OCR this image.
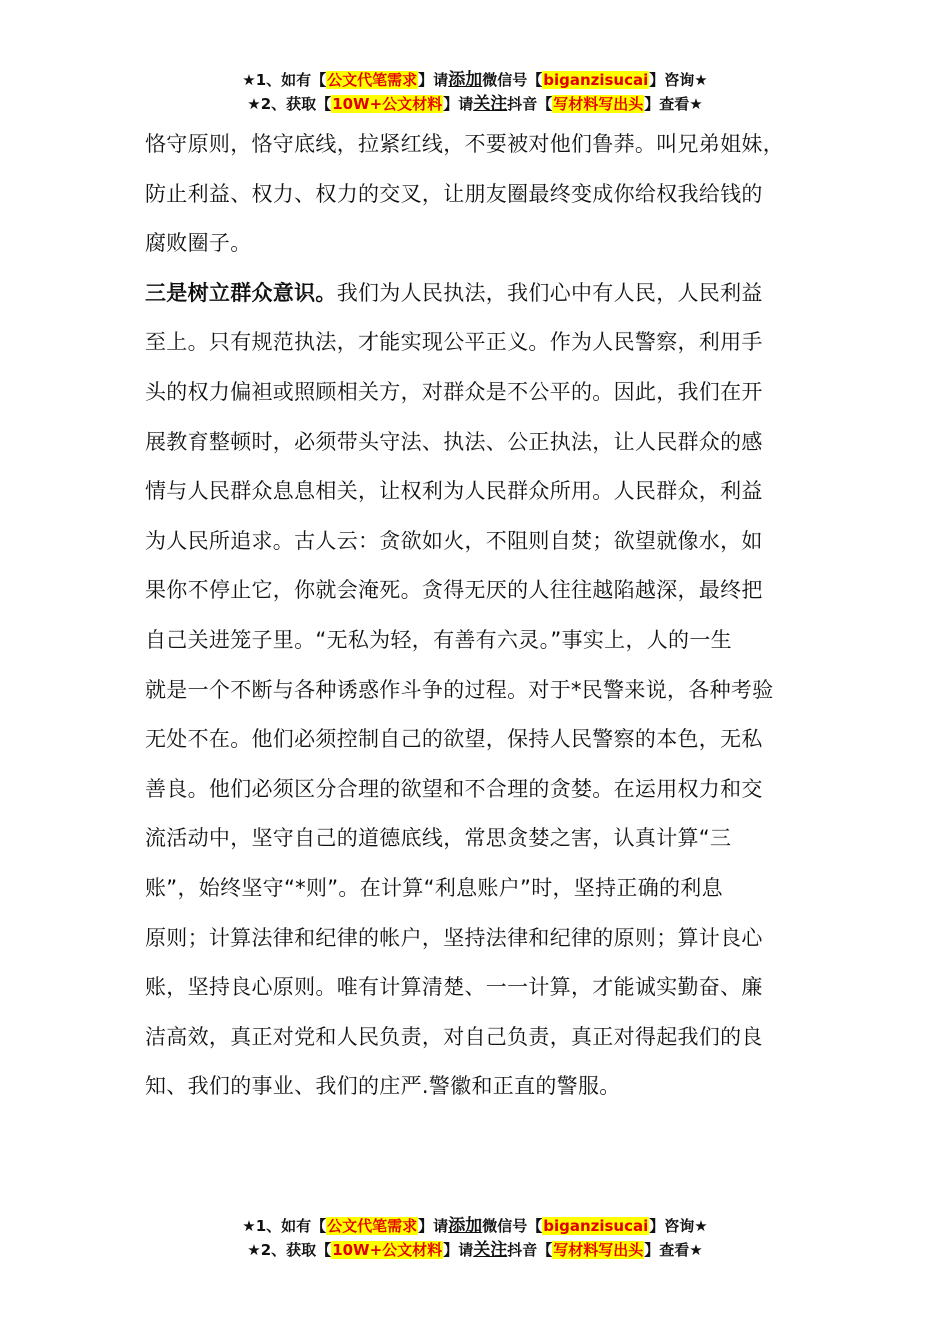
★1、如有【公文代笔需求】请添加微信号【biganzisucai】咨询★
★2、获取【10W+公文材料】请关注抖音【写材料写出头】查看★
恪守原则，恪守底线，拉紧红线，不要被对他们鲁莽。叫兄弟姐妹，
防止利益、权力、权力的交叉，让朋友圈最终变成你给权我给钱的
腐败圈子。
三是树立群众意识。我们为人民执法，我们心中有人民，人民利益
至上。只有规范执法，才能实现公平正义。作为人民警察，利用手
头的权力偏袒或照顾相关方，对群众是不公平的。因此，我们在开
展教育整顿时，必须带头守法、执法、公正执法，让人民群众的感
情与人民群众息息相关，让权利为人民群众所用。人民群众，利益
为人民所追求。古人云：贪欲如火，不阻则自焚；欲望就像水，如
果你不停止它，你就会淹死。贪得无厌的人往往越陷越深，最终把
自己关进笼子里。“无私为轻，有善有六灵。”事实上，人的一生
就是一个不断与各种诱惑作斗争的过程。对于*民警来说，各种考验
无处不在。他们必须控制自己的欲望，保持人民警察的本色，无私
善良。他们必须区分合理的欲望和不合理的贪婪。在运用权力和交
流活动中，坚守自己的道德底线，常思贪婪之害，认真计算“三
账”，始终坚守“*则”。在计算“利息账户”时，坚持正确的利息
原则；计算法律和纪律的帐户，坚持法律和纪律的原则；算计良心
账，坚持良心原则。唯有计算清楚、一一计算，才能诚实勤奋、廉
洁高效，真正对党和人民负责，对自己负责，真正对得起我们的良
知、我们的事业、我们的庄严.警徽和正直的警服。
★1、如有【公文代笔需求】请添加微信号【biganzisucai】咨询★
★2、获取【10W+公文材料】请关注抖音【写材料写出头】查看★
